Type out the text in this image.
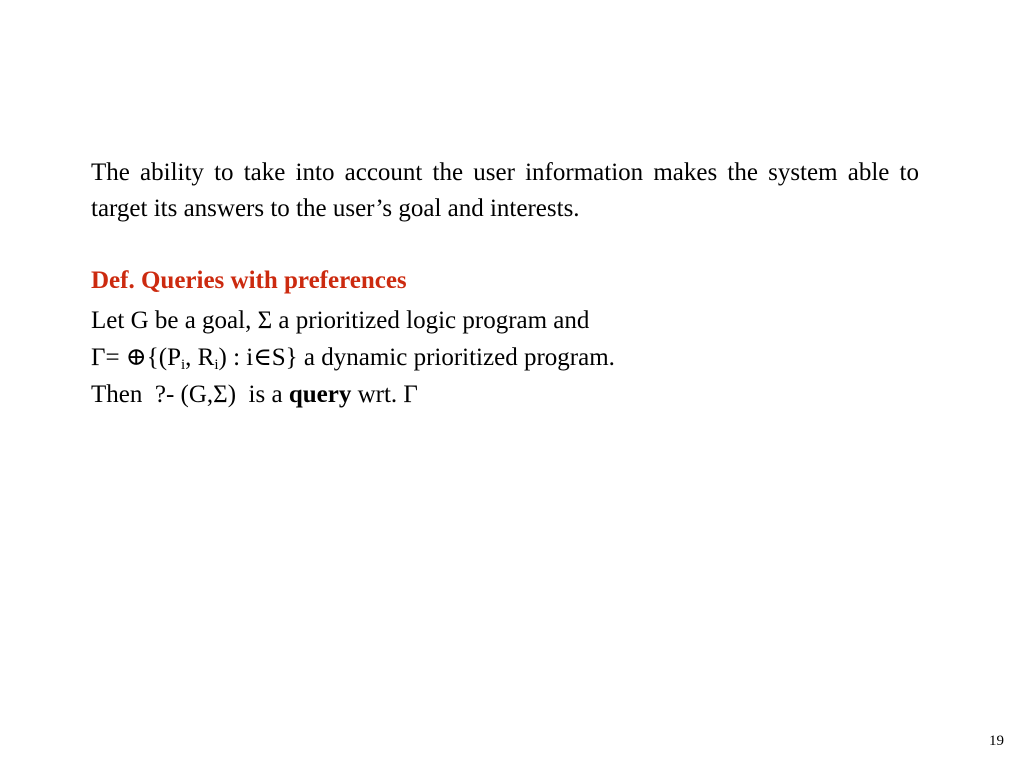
The ability to take into account the user information makes the system able to target its answers to the user’s goal and interests.

Def. Queries with preferences

Let G be a goal, Σ a prioritized logic program and

$\Gamma= \oplus\{(P_i$, $R_i$) : i∈S} a dynamic prioritized program.

Then  ?- (G,Σ)  is a query wrt. Γ

19
